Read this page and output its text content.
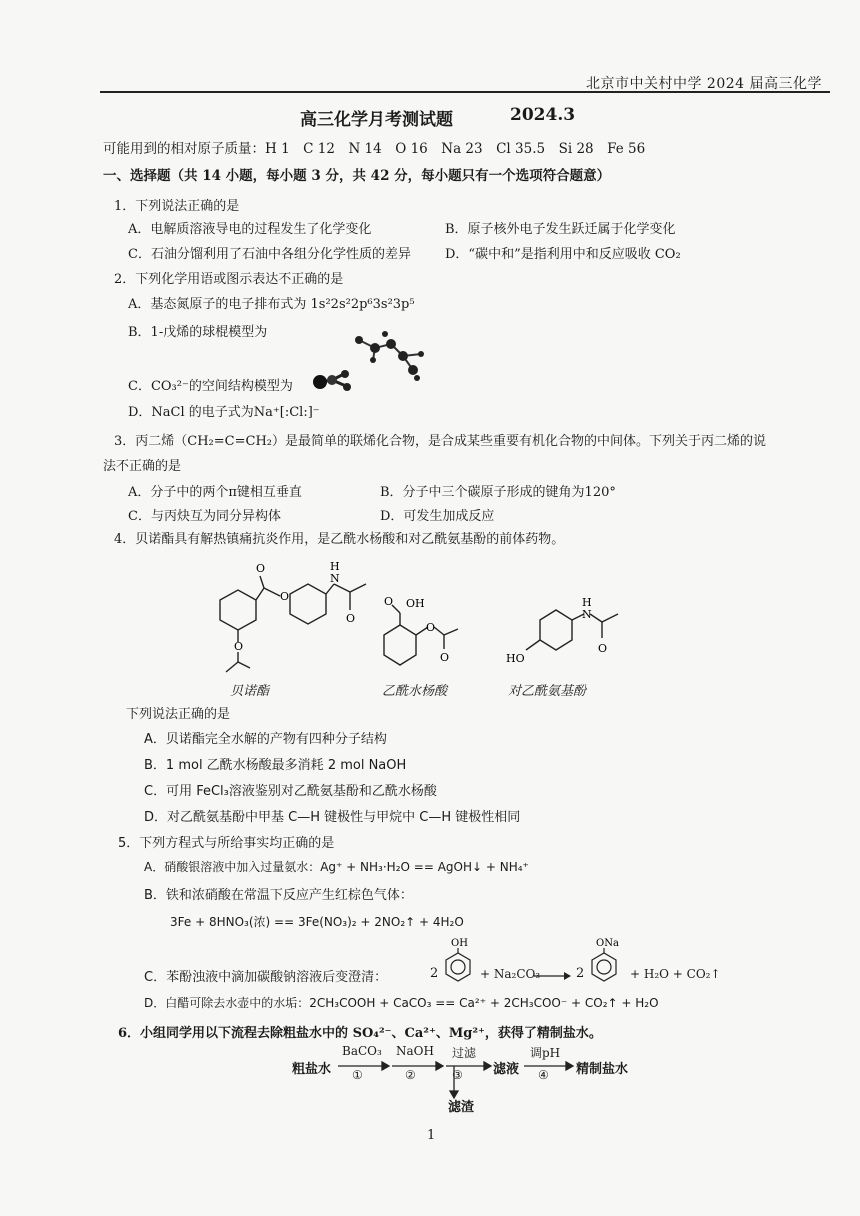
北京市中关村中学 2024 届高三化学
高三化学月考测试题	2024.3
可能用到的相对原子质量：H 1　C 12　N 14　O 16　Na 23　Cl 35.5　Si 28　Fe 56
一、选择题（共 14 小题，每小题 3 分，共 42 分，每小题只有一个选项符合题意）
1．下列说法正确的是
A．电解质溶液导电的过程发生了化学变化	B．原子核外电子发生跃迁属于化学变化
C．石油分馏利用了石油中各组分化学性质的差异	D．“碳中和”是指利用中和反应吸收 CO₂
2．下列化学用语或图示表达不正确的是
A．基态氮原子的电子排布式为 1s²2s²2p⁶3s²3p⁵
B．1-戊烯的球棍模型为
C．CO₃²⁻的空间结构模型为
D．NaCl 的电子式为Na⁺[:Cl:]⁻
3．丙二烯（CH₂=C=CH₂）是最简单的联烯化合物，是合成某些重要有机化合物的中间体。下列关于丙二烯的说
法不正确的是
A．分子中的两个π键相互垂直	B．分子中三个碳原子形成的键角为120°
C．与丙炔互为同分异构体	D．可发生加成反应
4．贝诺酯具有解热镇痛抗炎作用，是乙酰水杨酸和对乙酰氨基酚的前体药物。
O
O
O
H
N
O
贝诺酯
O OH
O
O
乙酰水杨酸
H
N
O
HO
对乙酰氨基酚
下列说法正确的是
A．贝诺酯完全水解的产物有四种分子结构
B．1 mol 乙酰水杨酸最多消耗 2 mol NaOH
C．可用 FeCl₃溶液鉴别对乙酰氨基酚和乙酰水杨酸
D．对乙酰氨基酚中甲基 C—H 键极性与甲烷中 C—H 键极性相同
5．下列方程式与所给事实均正确的是
A．硝酸银溶液中加入过量氨水：Ag⁺ + NH₃·H₂O == AgOH↓ + NH₄⁺
B．铁和浓硝酸在常温下反应产生红棕色气体：
3Fe + 8HNO₃(浓) == 3Fe(NO₃)₂ + 2NO₂↑ + 4H₂O
C．苯酚浊液中滴加碳酸钠溶液后变澄清：	2
OH
+ Na₂CO₃ → 2
ONa
+ H₂O + CO₂↑
D．白醋可除去水壶中的水垢：2CH₃COOH + CaCO₃ == Ca²⁺ + 2CH₃COO⁻ + CO₂↑ + H₂O
6．小组同学用以下流程去除粗盐水中的 SO₄²⁻、Ca²⁺、Mg²⁺，获得了精制盐水。
粗盐水
BaCO₃
①
NaOH
②
过滤
③ 滤液
调pH
④ 精制盐水
滤渣
1
